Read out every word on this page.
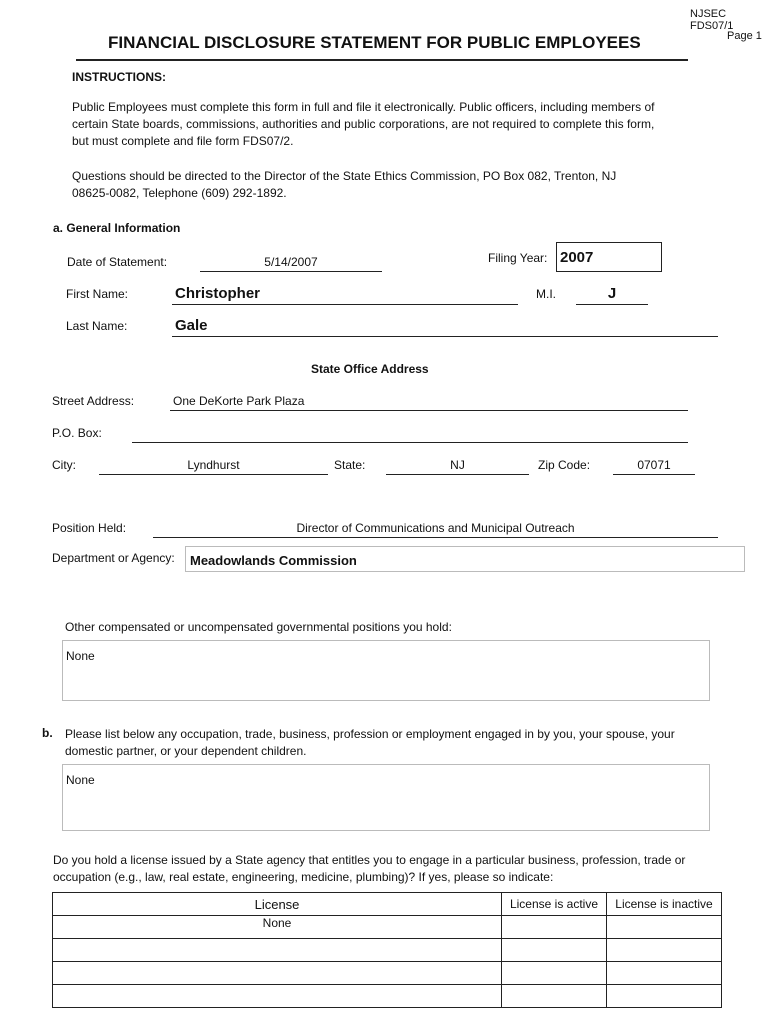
NJSEC FDS07/1
Page 1
FINANCIAL DISCLOSURE STATEMENT FOR PUBLIC EMPLOYEES
INSTRUCTIONS:
Public Employees must complete this form in full and file it electronically. Public officers, including members of
certain State boards, commissions, authorities and public corporations, are not required to complete this form,
but must complete and file form FDS07/2.
Questions should be directed to the Director of the State Ethics Commission, PO Box 082, Trenton, NJ
08625-0082, Telephone (609) 292-1892.
a. General Information
Date of Statement:	5/14/2007	Filing Year: 2007
First Name:	Christopher	M.I.	J
Last Name:	Gale
State Office Address
Street Address:	One DeKorte Park Plaza
P.O. Box:
City:	Lyndhurst	State:	NJ	Zip Code:	07071
Position Held:	Director of Communications and Municipal Outreach
Department or Agency:	Meadowlands Commission
Other compensated or uncompensated governmental positions you hold:
None
b. Please list below any occupation, trade, business, profession or employment engaged in by you, your spouse, your
domestic partner, or your dependent children.
None
Do you hold a license issued by a State agency that entitles you to engage in a particular business, profession, trade or
occupation (e.g., law, real estate, engineering, medicine, plumbing)? If yes, please so indicate:
License	License is active	License is inactive
None		
